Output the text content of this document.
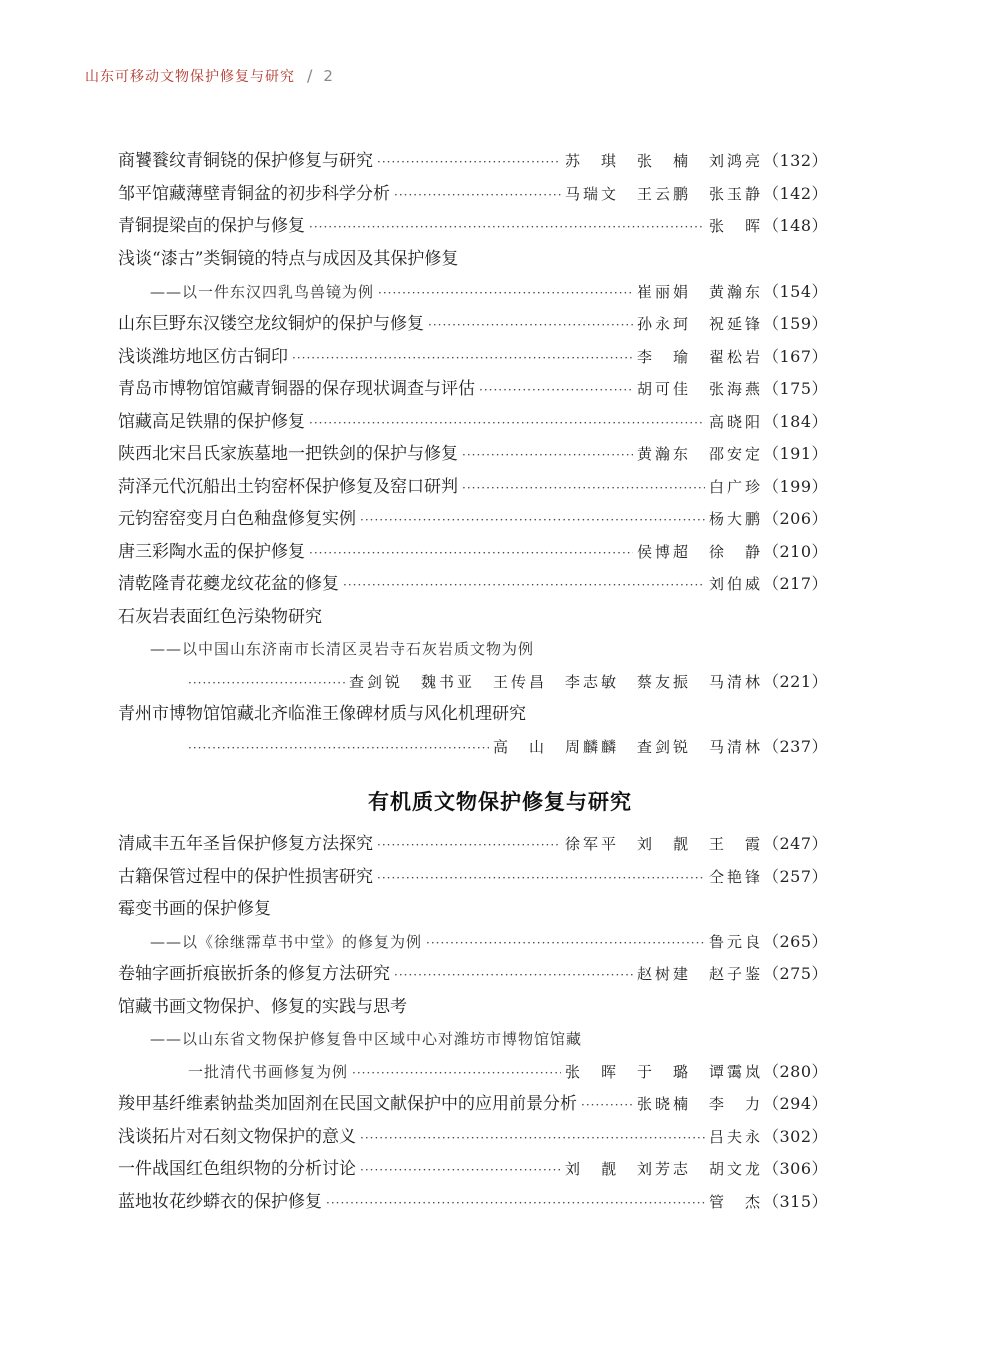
山东可移动文物保护修复与研究 / 2
商饕餮纹青铜铙的保护修复与研究 ·····	苏　琪　张　楠　刘鸿亮 （132）
邹平馆藏薄壁青铜盆的初步科学分析 ·····	马瑞文　王云鹏　张玉静 （142）
青铜提梁卣的保护与修复 ·····	张　晖 （148）
浅谈“漆古”类铜镜的特点与成因及其保护修复
——以一件东汉四乳鸟兽镜为例 ·····	崔丽娟　黄瀚东 （154）
山东巨野东汉镂空龙纹铜炉的保护与修复 ·····	孙永珂　祝延锋 （159）
浅谈潍坊地区仿古铜印 ·····	李　瑜　翟松岩 （167）
青岛市博物馆馆藏青铜器的保存现状调查与评估 ·····	胡可佳　张海燕 （175）
馆藏高足铁鼎的保护修复 ·····	高晓阳 （184）
陕西北宋吕氏家族墓地一把铁剑的保护与修复 ·····	黄瀚东　邵安定 （191）
菏泽元代沉船出土钧窑杯保护修复及窑口研判 ·····	白广珍 （199）
元钧窑窑变月白色釉盘修复实例 ·····	杨大鹏 （206）
唐三彩陶水盂的保护修复 ·····	侯博超　徐　静 （210）
清乾隆青花夔龙纹花盆的修复 ·····	刘伯威 （217）
石灰岩表面红色污染物研究
——以中国山东济南市长清区灵岩寺石灰岩质文物为例
·····
查剑锐　魏书亚　王传昌　李志敏　蔡友振　马清林 （221）
青州市博物馆馆藏北齐临淮王像碑材质与风化机理研究
·····
高　山　周麟麟　查剑锐　马清林 （237）
有机质文物保护修复与研究
清咸丰五年圣旨保护修复方法探究 ·····	徐军平　刘　靓　王　霞 （247）
古籍保管过程中的保护性损害研究 ·····	仝艳锋 （257）
霉变书画的保护修复
——以《徐继霈草书中堂》的修复为例 ·····	鲁元良 （265）
卷轴字画折痕嵌折条的修复方法研究 ·····	赵树建　赵子鉴 （275）
馆藏书画文物保护、修复的实践与思考
——以山东省文物保护修复鲁中区域中心对潍坊市博物馆馆藏
一批清代书画修复为例 ·····	张　晖　于　璐　谭霭岚 （280）
羧甲基纤维素钠盐类加固剂在民国文献保护中的应用前景分析 ·····	张晓楠　李　力 （294）
浅谈拓片对石刻文物保护的意义 ·····	吕夫永 （302）
一件战国红色组织物的分析讨论 ·····	刘　靓　刘芳志　胡文龙 （306）
蓝地妆花纱蟒衣的保护修复 ·····	管　杰 （315）
